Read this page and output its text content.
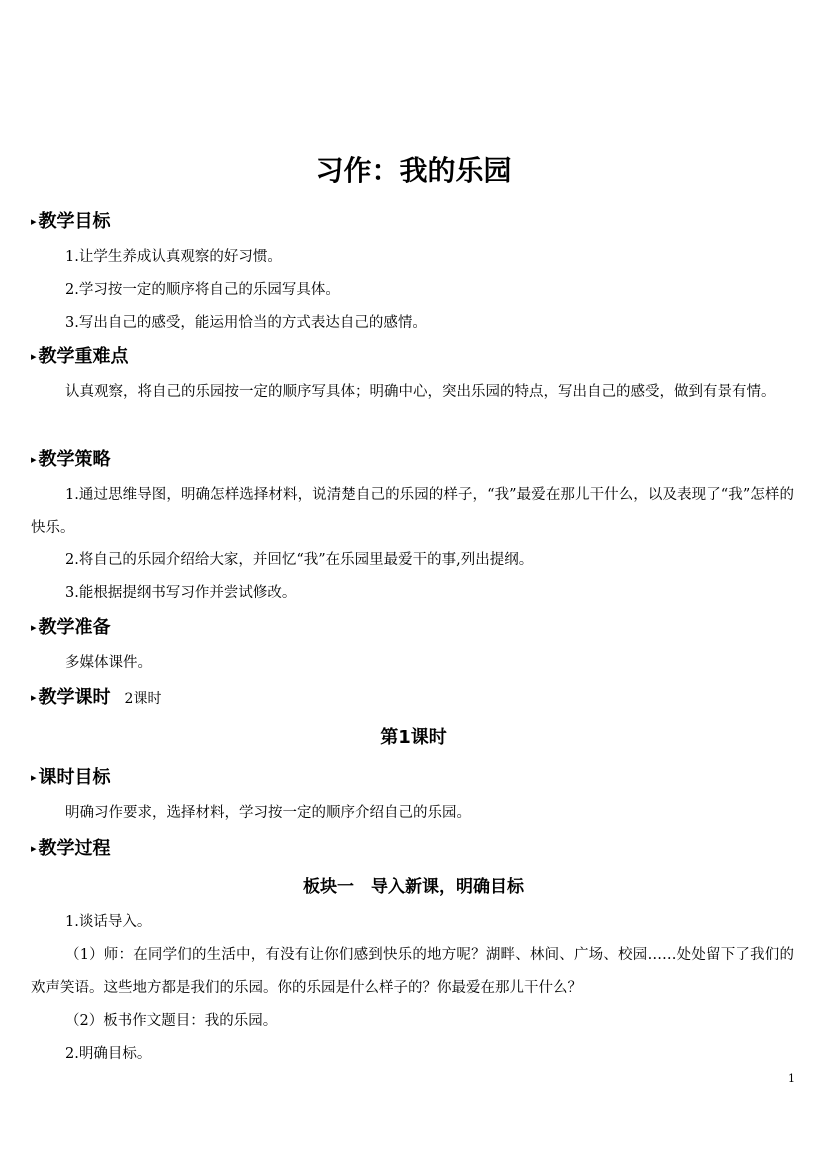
习作：我的乐园
▸ 教学目标
1.让学生养成认真观察的好习惯。
2.学习按一定的顺序将自己的乐园写具体。
3.写出自己的感受，能运用恰当的方式表达自己的感情。
▸ 教学重难点
认真观察，将自己的乐园按一定的顺序写具体；明确中心，突出乐园的特点，写出自己的感受，做到有景有情。
▸ 教学策略
1.通过思维导图，明确怎样选择材料，说清楚自己的乐园的样子，“我”最爱在那儿干什么，以及表现了“我”怎样的快乐。
2.将自己的乐园介绍给大家，并回忆“我”在乐园里最爱干的事,列出提纲。
3.能根据提纲书写习作并尝试修改。
▸ 教学准备
多媒体课件。
▸ 教学课时 2课时
第1课时
▸ 课时目标
明确习作要求，选择材料，学习按一定的顺序介绍自己的乐园。
▸ 教学过程
板块一　导入新课，明确目标
1.谈话导入。
（1）师：在同学们的生活中，有没有让你们感到快乐的地方呢？湖畔、林间、广场、校园……处处留下了我们的欢声笑语。这些地方都是我们的乐园。你的乐园是什么样子的？你最爱在那儿干什么？
（2）板书作文题目：我的乐园。
2.明确目标。
1
